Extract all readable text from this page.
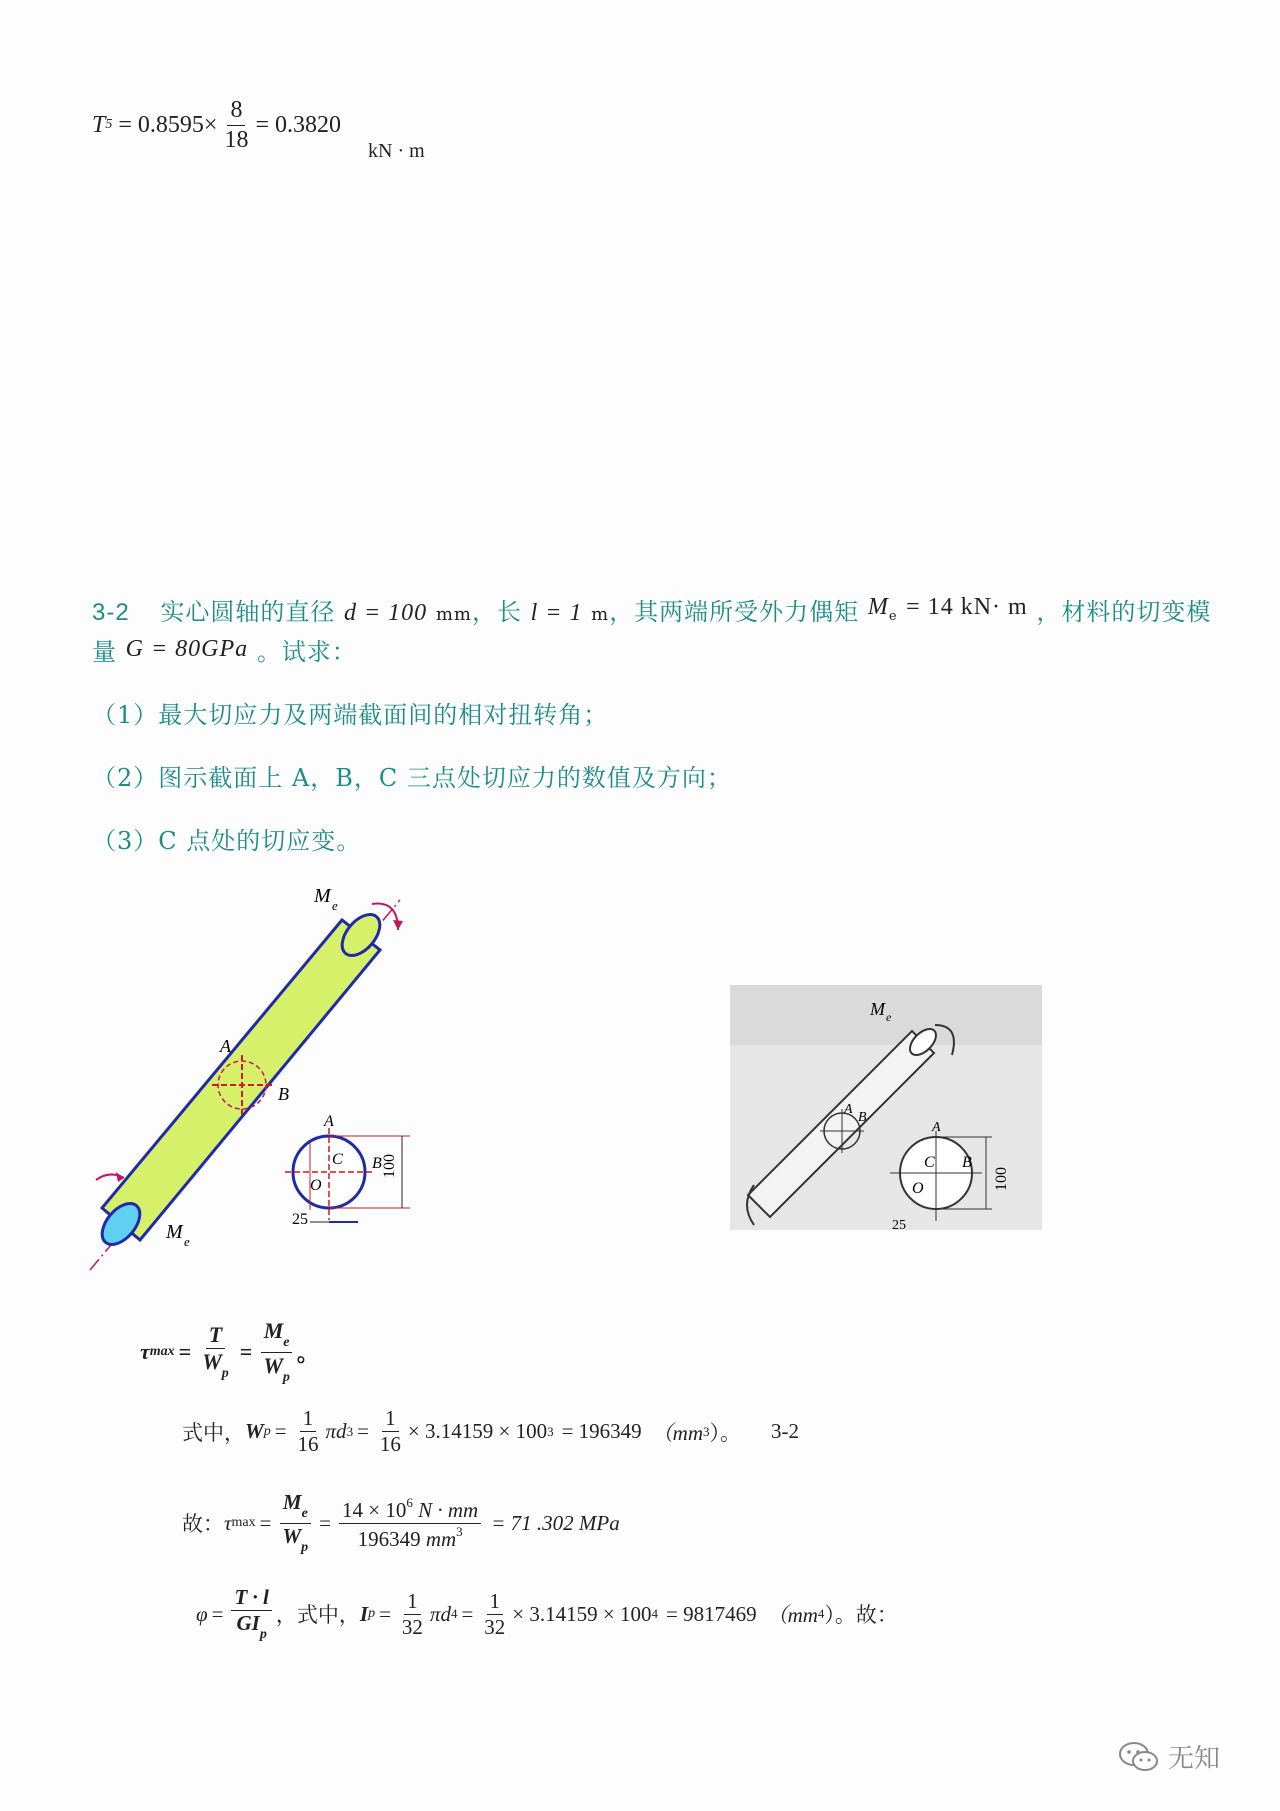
T $5 = 0.8595\times \frac{8}{18} = 0.3820$
kN · m
3-2 实心圆轴的直径 d = 100 mm，长 l = 1 m，其两端所受外力偶矩 Me = 14 kN· m ，材料的切变模
量 G = 80GPa 。试求：
（1）最大切应力及两端截面间的相对扭转角；
（2）图示截面上 A，B，C 三点处切应力的数值及方向；
（3）C 点处的切应变。
M e
A
B
M e
A
C B
O
100
25
M e
A
B
A
C B
O	100
25
τ $\max = \frac{T}{W_p} = \frac{M_e}{W_p}$ 。
式中， W $p = \frac{1}{16}$ πd $3 = \frac{1}{16} \times 3.14159 \times 100$ 3 = 196349 （mm 3 ）。 3-2
故： τ $\max = \frac{M_e}{W_p} = \frac{14 \times 10^6 N \cdot mm}{196349 mm^3} = 71$ .302 MPa
$\varphi = \frac{T \cdot l}{GI_p}$ ，式中， I $p = \frac{1}{32}$ πd $4 = \frac{1}{32} \times 3.14159 \times 100$ 4 = 9817469 （mm 4 ）。故：
无知
